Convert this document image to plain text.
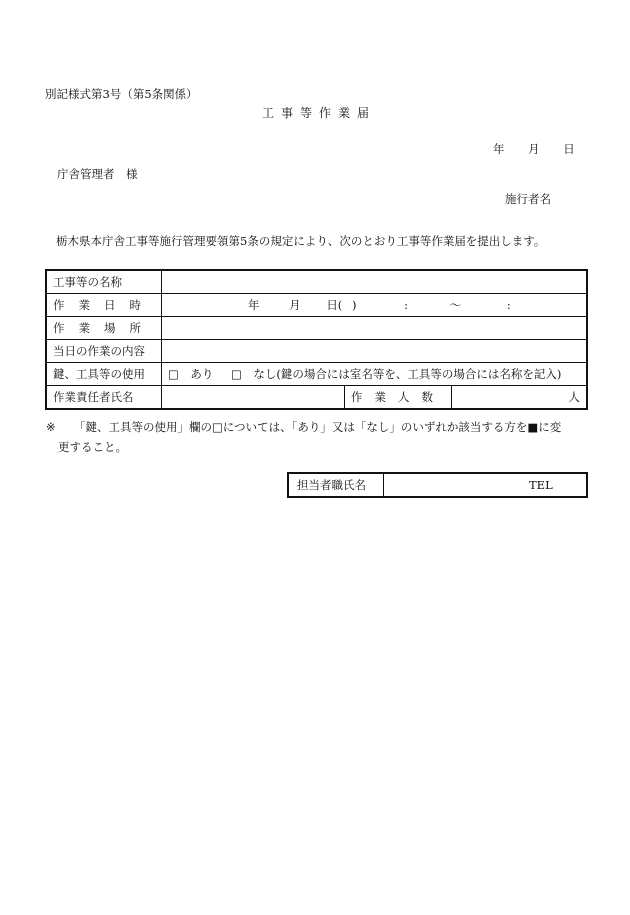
別記様式第3号（第5条関係）
工事等作業届
年 月 日
庁舎管理者　様
施行者名
栃木県本庁舎工事等施行管理要領第5条の規定により、次のとおり工事等作業届を提出します。
工事等の名称			

作業日時	年 月 日( ) : 〜 :		
作業場所			
当日の作業の内容			
鍵、工具等の使用	□　あり □　なし(鍵の場合には室名等を、工具等の場合には名称を記入)		
作業責任者氏名		作業人数	人
※ 「鍵、工具等の使用」欄の□については、「あり」又は「なし」のいずれか該当する方を■に変
更すること。
担当者職氏名	TEL
